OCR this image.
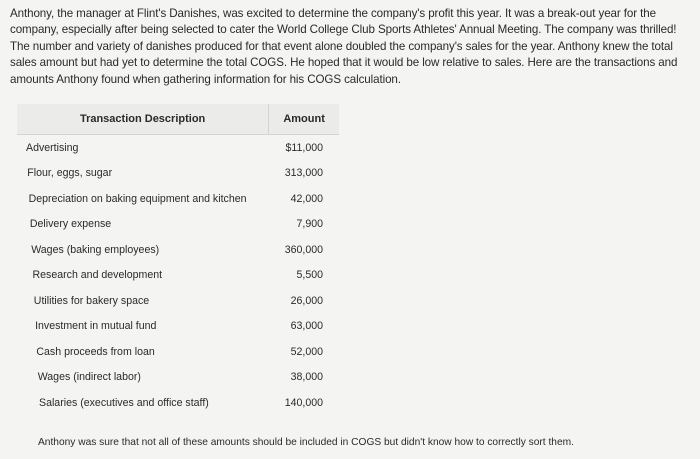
Anthony, the manager at Flint's Danishes, was excited to determine the company's profit this year. It was a break-out year for the company, especially after being selected to cater the World College Club Sports Athletes' Annual Meeting. The company was thrilled! The number and variety of danishes produced for that event alone doubled the company's sales for the year. Anthony knew the total sales amount but had yet to determine the total COGS. He hoped that it would be low relative to sales. Here are the transactions and amounts Anthony found when gathering information for his COGS calculation.

Transaction Description	Amount
Advertising	$11,000
Flour, eggs, sugar	313,000
Depreciation on baking equipment and kitchen	42,000
Delivery expense	7,900
Wages (baking employees)	360,000
Research and development	5,500
Utilities for bakery space	26,000
Investment in mutual fund	63,000
Cash proceeds from loan	52,000
Wages (indirect labor)	38,000
Salaries (executives and office staff)	140,000

Anthony was sure that not all of these amounts should be included in COGS but didn't know how to correctly sort them.
